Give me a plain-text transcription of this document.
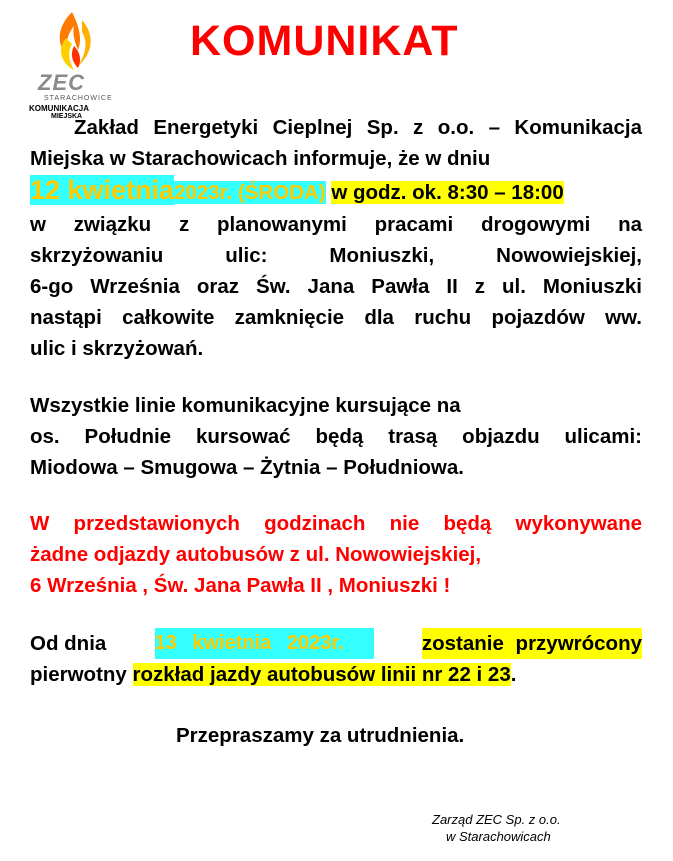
ZEC
STARACHOWICE
KOMUNIKACJA
MIEJSKA
KOMUNIKAT
Zakład Energetyki Cieplnej Sp. z o.o. – Komunikacja
Miejska w Starachowicach informuje, że w dniu
12 kwietnia2023r. (ŚRODA) w godz. ok. 8:30 – 18:00
w związku z planowanymi pracami drogowymi na
skrzyżowaniu ulic: Moniuszki, Nowowiejskiej,
6-go Września oraz Św. Jana Pawła II z ul. Moniuszki
nastąpi całkowite zamknięcie dla ruchu pojazdów ww.
ulic i skrzyżowań.
Wszystkie linie komunikacyjne kursujące na
os. Południe kursować będą trasą objazdu ulicami:
Miodowa – Smugowa – Żytnia – Południowa.
W przedstawionych godzinach nie będą wykonywane
żadne odjazdy autobusów z ul. Nowowiejskiej,
6 Września , Św. Jana Pawła II , Moniuszki !
Od dnia 13 kwietnia 2023r.	zostanie przywrócony
pierwotny rozkład jazdy autobusów linii nr 22 i 23.
Przepraszamy za utrudnienia.
Zarząd ZEC Sp. z o.o.
w Starachowicach
